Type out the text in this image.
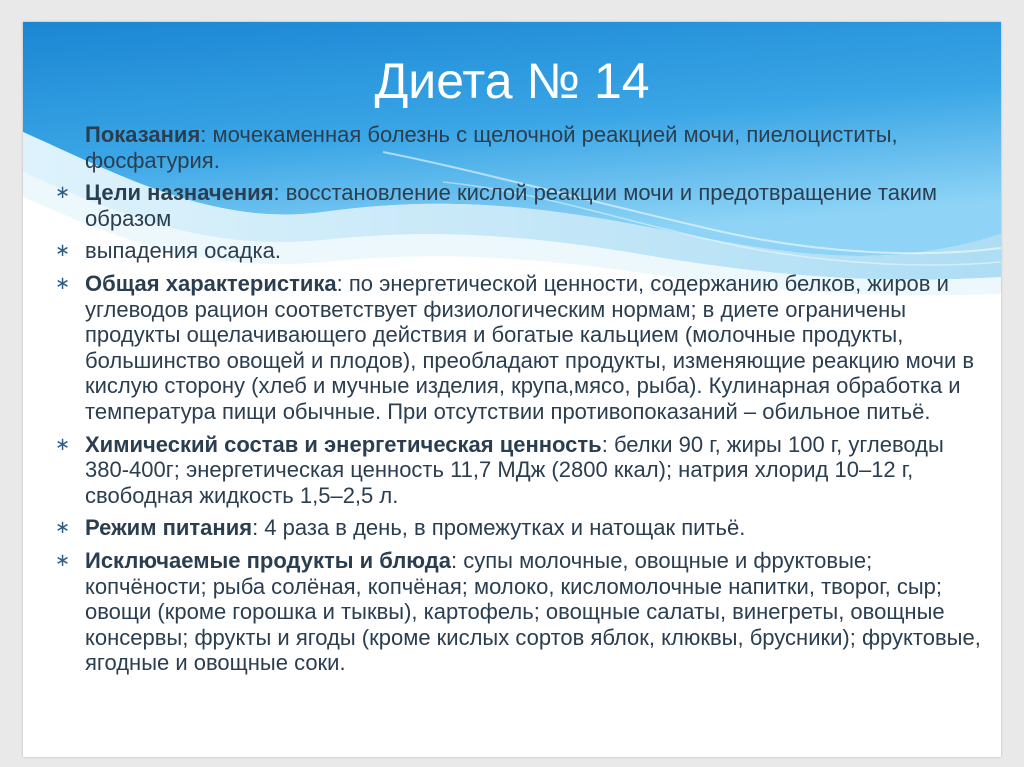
Диета № 14
Показания: мочекаменная болезнь с щелочной реакцией мочи, пиелоциститы, фосфатурия.
∗ Цели назначения: восстановление кислой реакции мочи и предотвращение таким образом
∗ выпадения осадка.
∗ Общая характеристика: по энергетической ценности, содержанию белков, жиров и углеводов рацион соответствует физиологическим нормам; в диете ограничены продукты ощелачивающего действия и богатые кальцием (молочные продукты, большинство овощей и плодов), преобладают продукты, изменяющие реакцию мочи в кислую сторону (хлеб и мучные изделия, крупа,мясо, рыба). Кулинарная обработка и температура пищи обычные. При отсутствии противопоказаний – обильное питьё.
∗ Химический состав и энергетическая ценность: белки 90 г, жиры 100 г, углеводы 380-400г; энергетическая ценность 11,7 МДж (2800 ккал); натрия хлорид 10–12 г, свободная жидкость 1,5–2,5 л.
∗ Режим питания: 4 раза в день, в промежутках и натощак питьё.
∗ Исключаемые продукты и блюда: супы молочные, овощные и фруктовые; копчёности; рыба солёная, копчёная; молоко, кисломолочные напитки, творог, сыр; овощи (кроме горошка и тыквы), картофель; овощные салаты, винегреты, овощные консервы; фрукты и ягоды (кроме кислых сортов яблок, клюквы, брусники); фруктовые, ягодные и овощные соки.
